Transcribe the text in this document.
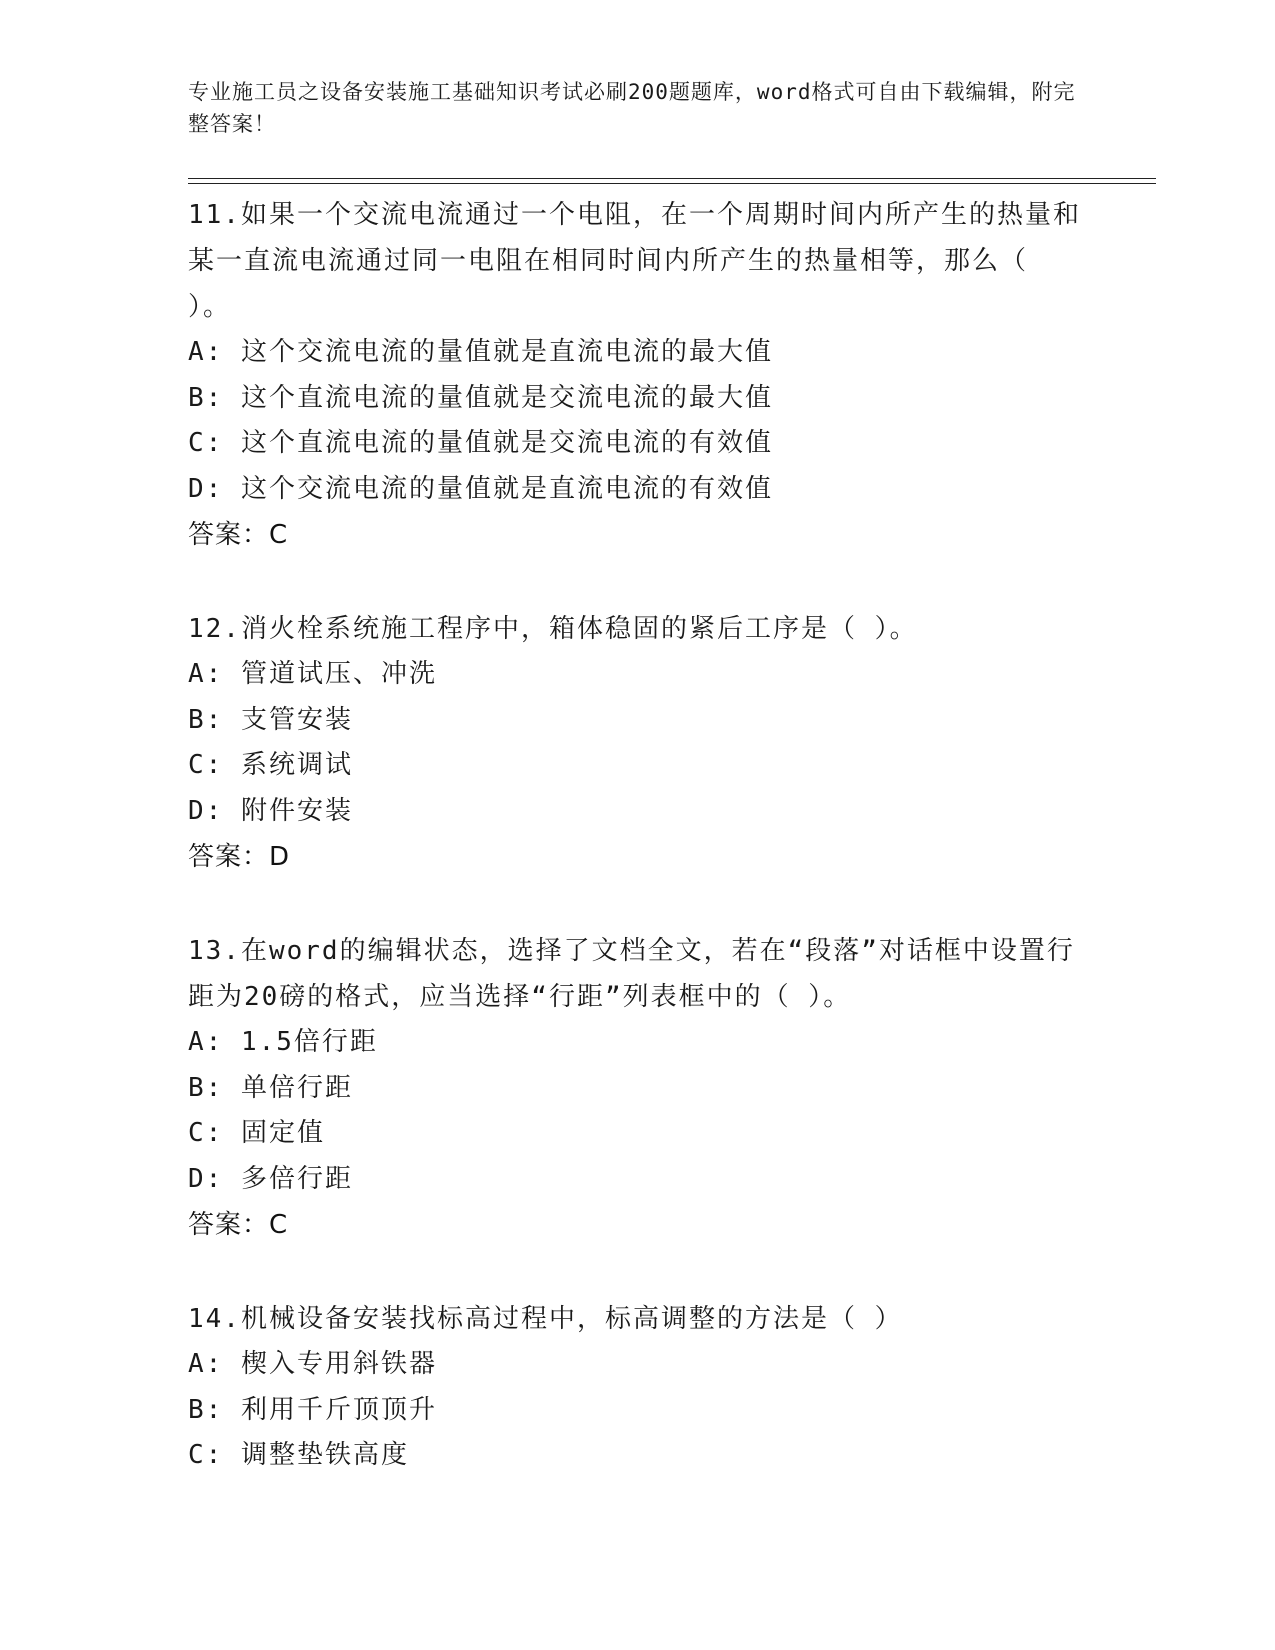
专业施工员之设备安装施工基础知识考试必刷200题题库，word格式可自由下载编辑，附完整答案！
11.如果一个交流电流通过一个电阻，在一个周期时间内所产生的热量和某一直流电流通过同一电阻在相同时间内所产生的热量相等，那么（ ）。
A: 这个交流电流的量值就是直流电流的最大值
B: 这个直流电流的量值就是交流电流的最大值
C: 这个直流电流的量值就是交流电流的有效值
D: 这个交流电流的量值就是直流电流的有效值
答案：C
12.消火栓系统施工程序中，箱体稳固的紧后工序是（ ）。
A: 管道试压、冲洗
B: 支管安装
C: 系统调试
D: 附件安装
答案：D
13.在word的编辑状态，选择了文档全文，若在“段落”对话框中设置行距为20磅的格式，应当选择“行距”列表框中的（ ）。
A: 1.5倍行距
B: 单倍行距
C: 固定值
D: 多倍行距
答案：C
14.机械设备安装找标高过程中，标高调整的方法是（ ）
A: 楔入专用斜铁器
B: 利用千斤顶顶升
C: 调整垫铁高度
